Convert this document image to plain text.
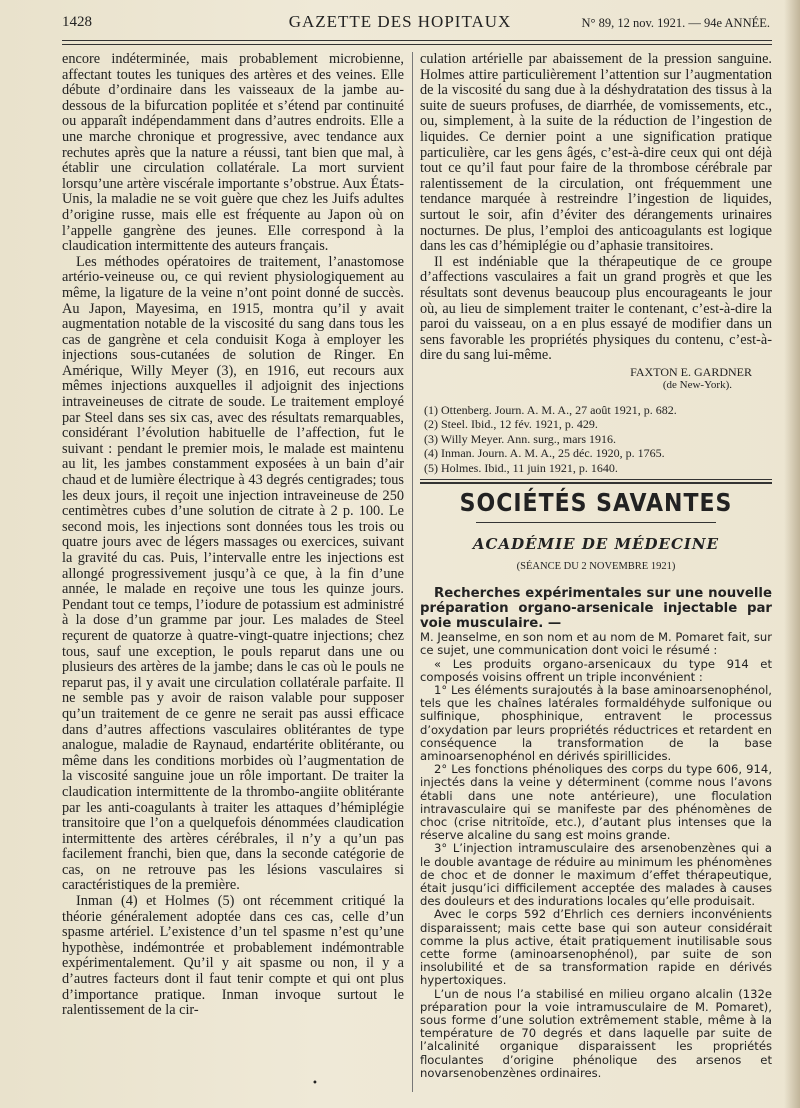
1428	GAZETTE DES HOPITAUX	N° 89, 12 nov. 1921. — 94e ANNÉE.

encore indéterminée, mais probablement microbienne, affectant toutes les tuniques des artères et des veines. Elle débute d’ordinaire dans les vaisseaux de la jambe au-dessous de la bifurcation poplitée et s’étend par continuité ou apparaît indépendamment dans d’autres endroits. Elle a une marche chronique et progressive, avec tendance aux rechutes après que la nature a réussi, tant bien que mal, à établir une circulation collatérale. La mort survient lorsqu’une artère viscérale importante s’obstrue. Aux États-Unis, la maladie ne se voit guère que chez les Juifs adultes d’origine russe, mais elle est fréquente au Japon où on l’appelle gangrène des jeunes. Elle correspond à la claudication intermittente des auteurs français.

Les méthodes opératoires de traitement, l’anastomose artério-veineuse ou, ce qui revient physiologiquement au même, la ligature de la veine n’ont point donné de succès. Au Japon, Mayesima, en 1915, montra qu’il y avait augmentation notable de la viscosité du sang dans tous les cas de gangrène et cela conduisit Koga à employer les injections sous-cutanées de solution de Ringer. En Amérique, Willy Meyer (3), en 1916, eut recours aux mêmes injections auxquelles il adjoignit des injections intraveineuses de citrate de soude. Le traitement employé par Steel dans ses six cas, avec des résultats remarquables, considérant l’évolution habituelle de l’affection, fut le suivant : pendant le premier mois, le malade est maintenu au lit, les jambes constamment exposées à un bain d’air chaud et de lumière électrique à 43 degrés centigrades; tous les deux jours, il reçoit une injection intraveineuse de 250 centimètres cubes d’une solution de citrate à 2 p. 100. Le second mois, les injections sont données tous les trois ou quatre jours avec de légers massages ou exercices, suivant la gravité du cas. Puis, l’intervalle entre les injections est allongé progressivement jusqu’à ce que, à la fin d’une année, le malade en reçoive une tous les quinze jours. Pendant tout ce temps, l’iodure de potassium est administré à la dose d’un gramme par jour. Les malades de Steel reçurent de quatorze à quatre-vingt-quatre injections; chez tous, sauf une exception, le pouls reparut dans une ou plusieurs des artères de la jambe; dans le cas où le pouls ne reparut pas, il y avait une circulation collatérale parfaite. Il ne semble pas y avoir de raison valable pour supposer qu’un traitement de ce genre ne serait pas aussi efficace dans d’autres affections vasculaires oblitérantes de type analogue, maladie de Raynaud, endartérite oblitérante, ou même dans les conditions morbides où l’augmentation de la viscosité sanguine joue un rôle important. De traiter la claudication intermittente de la thrombo-angiite oblitérante par les anti-coagulants à traiter les attaques d’hémiplégie transitoire que l’on a quelquefois dénommées claudication intermittente des artères cérébrales, il n’y a qu’un pas facilement franchi, bien que, dans la seconde catégorie de cas, on ne retrouve pas les lésions vasculaires si caractéristiques de la première.

Inman (4) et Holmes (5) ont récemment critiqué la théorie généralement adoptée dans ces cas, celle d’un spasme artériel. L’existence d’un tel spasme n’est qu’une hypothèse, indémontrée et probablement indémontrable expérimentalement. Qu’il y ait spasme ou non, il y a d’autres facteurs dont il faut tenir compte et qui ont plus d’importance pratique. Inman invoque surtout le ralentissement de la cir-

culation artérielle par abaissement de la pression sanguine. Holmes attire particulièrement l’attention sur l’augmentation de la viscosité du sang due à la déshydratation des tissus à la suite de sueurs profuses, de diarrhée, de vomissements, etc., ou, simplement, à la suite de la réduction de l’ingestion de liquides. Ce dernier point a une signification pratique particulière, car les gens âgés, c’est-à-dire ceux qui ont déjà tout ce qu’il faut pour faire de la thrombose cérébrale par ralentissement de la circulation, ont fréquemment une tendance marquée à restreindre l’ingestion de liquides, surtout le soir, afin d’éviter des dérangements urinaires nocturnes. De plus, l’emploi des anticoagulants est logique dans les cas d’hémiplégie ou d’aphasie transitoires.

Il est indéniable que la thérapeutique de ce groupe d’affections vasculaires a fait un grand progrès et que les résultats sont devenus beaucoup plus encourageants le jour où, au lieu de simplement traiter le contenant, c’est-à-dire la paroi du vaisseau, on a en plus essayé de modifier dans un sens favorable les propriétés physiques du contenu, c’est-à-dire du sang lui-même.

FAXTON E. GARDNER
(de New-York).
(1) Ottenberg. Journ. A. M. A., 27 août 1921, p. 682.
(2) Steel. Ibid., 12 fév. 1921, p. 429.
(3) Willy Meyer. Ann. surg., mars 1916.
(4) Inman. Journ. A. M. A., 25 déc. 1920, p. 1765.
(5) Holmes. Ibid., 11 juin 1921, p. 1640.
SOCIÉTÉS SAVANTES
ACADÉMIE DE MÉDECINE
(SÉANCE DU 2 NOVEMBRE 1921)
Recherches expérimentales sur une nouvelle préparation organo-arsenicale injectable par voie musculaire. —

M. Jeanselme, en son nom et au nom de M. Pomaret fait, sur ce sujet, une communication dont voici le résumé :

« Les produits organo-arsenicaux du type 914 et composés voisins offrent un triple inconvénient :

1° Les éléments surajoutés à la base aminoarsenophénol, tels que les chaînes latérales formaldéhyde sulfonique ou sulfinique, phosphinique, entravent le processus d’oxydation par leurs propriétés réductrices et retardent en conséquence la transformation de la base aminoarsenophénol en dérivés spirillicides.

2° Les fonctions phénoliques des corps du type 606, 914, injectés dans la veine y déterminent (comme nous l’avons établi dans une note antérieure), une floculation intravasculaire qui se manifeste par des phénomènes de choc (crise nitritoïde, etc.), d’autant plus intenses que la réserve alcaline du sang est moins grande.

3° L’injection intramusculaire des arsenobenzènes qui a le double avantage de réduire au minimum les phénomènes de choc et de donner le maximum d’effet thérapeutique, était jusqu’ici difficilement acceptée des malades à causes des douleurs et des indurations locales qu’elle produisait.

Avec le corps 592 d’Ehrlich ces derniers inconvénients disparaissent; mais cette base qui son auteur considérait comme la plus active, était pratiquement inutilisable sous cette forme (aminoarsenophénol), par suite de son insolubilité et de sa transformation rapide en dérivés hypertoxiques.

L’un de nous l’a stabilisé en milieu organo alcalin (132e préparation pour la voie intramusculaire de M. Pomaret), sous forme d’une solution extrêmement stable, même à la température de 70 degrés et dans laquelle par suite de l’alcalinité organique disparaissent les propriétés floculantes d’origine phénolique des arsenos et novarsenobenzènes ordinaires.

•
